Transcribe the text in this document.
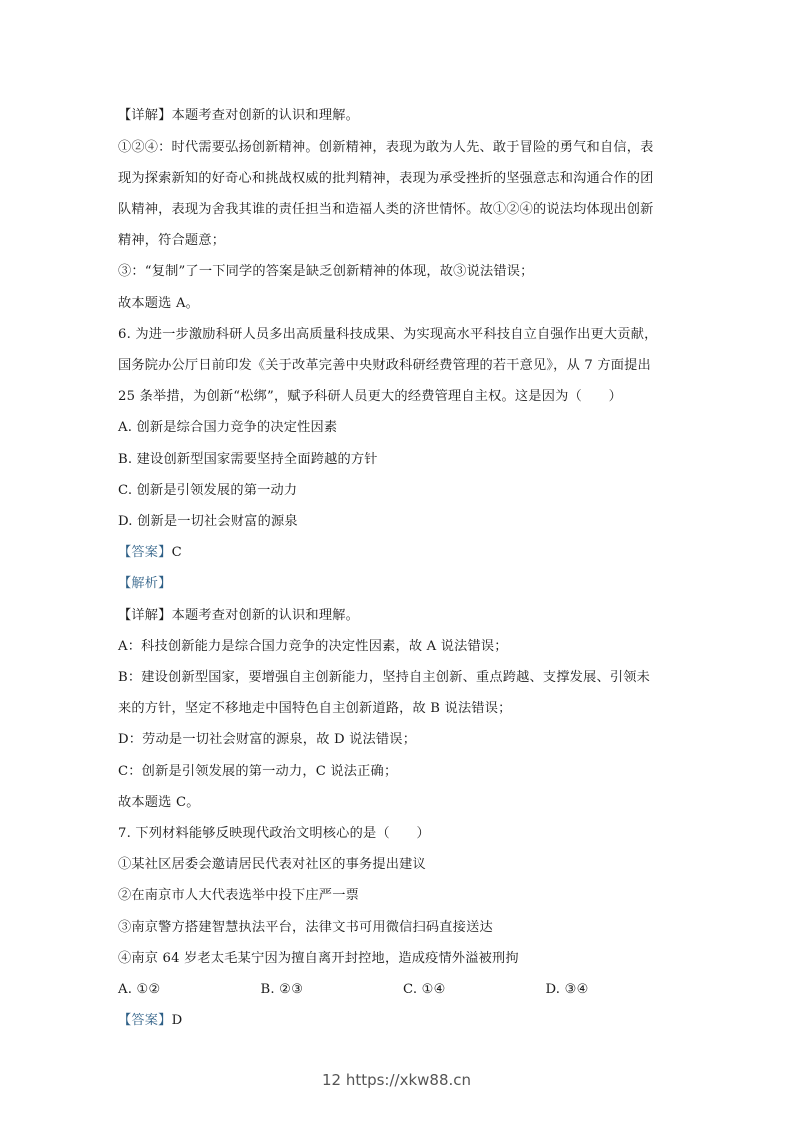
【详解】本题考查对创新的认识和理解。
①②④：时代需要弘扬创新精神。创新精神，表现为敢为人先、敢于冒险的勇气和自信，表
现为探索新知的好奇心和挑战权威的批判精神，表现为承受挫折的坚强意志和沟通合作的团
队精神，表现为舍我其谁的责任担当和造福人类的济世情怀。故①②④的说法均体现出创新
精神，符合题意；
③：“复制”了一下同学的答案是缺乏创新精神的体现，故③说法错误；
故本题选 A。
6. 为进一步激励科研人员多出高质量科技成果、为实现高水平科技自立自强作出更大贡献，
国务院办公厅日前印发《关于改革完善中央财政科研经费管理的若干意见》，从 7 方面提出
25 条举措，为创新“松绑”，赋予科研人员更大的经费管理自主权。这是因为（　　）
A. 创新是综合国力竞争的决定性因素
B. 建设创新型国家需要坚持全面跨越的方针
C. 创新是引领发展的第一动力
D. 创新是一切社会财富的源泉
【答案】C
【解析】
【详解】本题考查对创新的认识和理解。
A：科技创新能力是综合国力竞争的决定性因素，故 A 说法错误；
B：建设创新型国家，要增强自主创新能力，坚持自主创新、重点跨越、支撑发展、引领未
来的方针，坚定不移地走中国特色自主创新道路，故 B 说法错误；
D：劳动是一切社会财富的源泉，故 D 说法错误；
C：创新是引领发展的第一动力，C 说法正确；
故本题选 C。
7. 下列材料能够反映现代政治文明核心的是（　　）
①某社区居委会邀请居民代表对社区的事务提出建议
②在南京市人大代表选举中投下庄严一票
③南京警方搭建智慧执法平台，法律文书可用微信扫码直接送达
④南京 64 岁老太毛某宁因为擅自离开封控地，造成疫情外溢被刑拘
A. ①②	B. ②③	C. ①④	D. ③④
【答案】D
12 https://xkw88.cn
